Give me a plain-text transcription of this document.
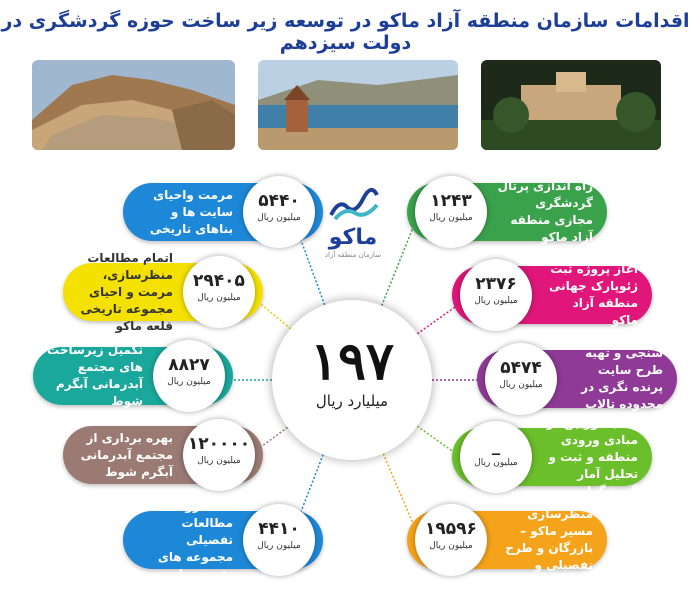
اقدامات سازمان منطقه آزاد ماکو در توسعه زیر ساخت حوزه گردشگری در دولت سیزدهم
ماکو
سازمان منطقه آزاد
۱۹۷
میلیارد ریال
مرمت واحیای سایت ها و بناهای تاریخی
۵۴۴۰
میلیون ریال
اتمام مطالعات منظرسازی، مرمت و احیای مجموعه تاریخی قلعه ماکو
۲۹۴۰۵
میلیون ریال
تکمیل زیرساخت های مجتمع آبدرمانی آبگرم شوط
۸۸۲۷
میلیون ریال
بهره برداری از مجتمع آبدرمانی آبگرم شوط
۱۲۰۰۰۰
میلیون ریال
ادامه روند مطالعات تفصیلی مجموعه های تفریحی ارس
۴۴۱۰
میلیون ریال
راه اندازی پرتال گردشگری مجازی منطقه آزاد ماکو
۱۲۴۳
میلیون ریال
آغاز پروژه ثبت ژئوپارک جهانی منطقه آزاد ماکو
۲۳۷۶
میلیون ریال
مطالعات امکان سنجی و تهیه طرح سایت پرنده نگری در محدوده تالاب شیولو
۵۴۷۴
میلیون ریال
نصب دوربین در مبادی ورودی منطقه و ثبت و تحلیل آمار گردشگران
_
میلیون ریال
مطالعه و اجرای منظرسازی مسیر ماکو – بازرگان و طرح تفصیلی و موضوعی محور
۱۹۵۹۶
میلیون ریال
